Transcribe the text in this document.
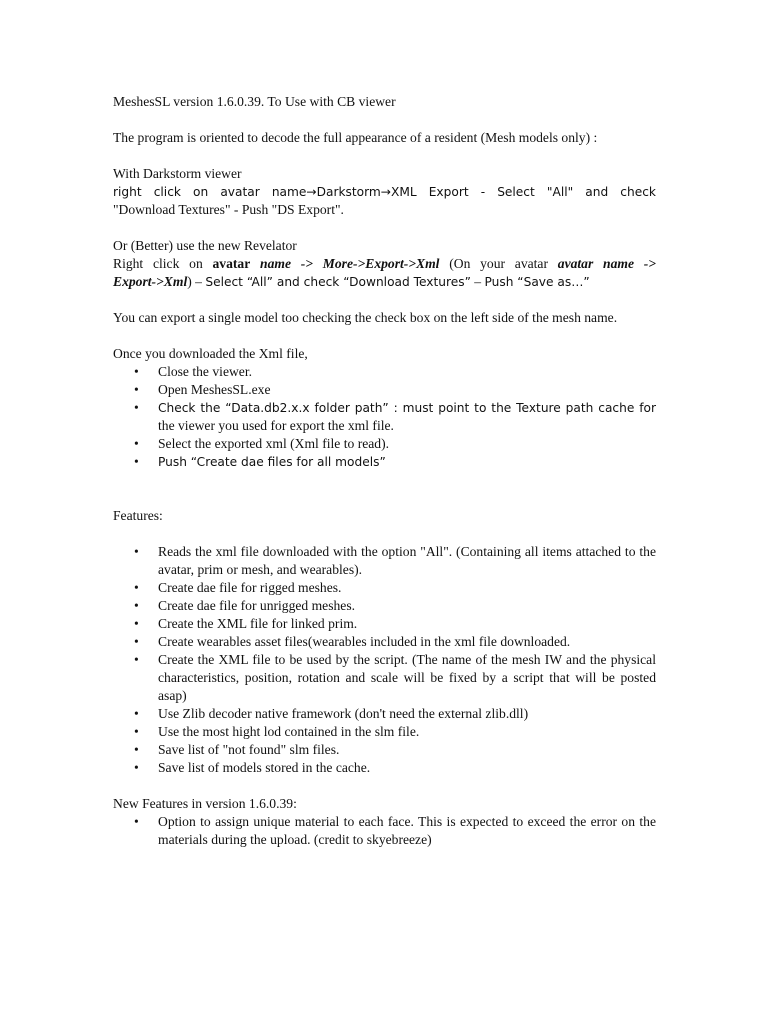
MeshesSL version 1.6.0.39. To Use with CB viewer

The program is oriented to decode the full appearance of a resident (Mesh models only) :

With Darkstorm viewer
right click on avatar name→Darkstorm→XML Export - Select "All" and check
"Download Textures" - Push "DS Export".
Or (Better) use the new Revelator
Right click on avatar name -> More->Export->Xml (On your avatar avatar name ->
Export->Xml) – Select “All” and check “Download Textures” – Push “Save as…”

You can export a single model too checking the check box on the left side of the mesh name.

Once you downloaded the Xml file,
• Close the viewer.
• Open MeshesSL.exe
• Check the “Data.db2.x.x folder path” : must point to the Texture path cache for
the viewer you used for export the xml file.
• Select the exported xml (Xml file to read).
• Push “Create dae files for all models”
Features:
• Reads the xml file downloaded with the option "All". (Containing all items attached to the avatar, prim or mesh, and wearables).
• Create dae file for rigged meshes.
• Create dae file for unrigged meshes.
• Create the XML file for linked prim.
• Create wearables asset files(wearables included in the xml file downloaded.
• Create the XML file to be used by the script. (The name of the mesh IW and the physical characteristics, position, rotation and scale will be fixed by a script that will be posted asap)
• Use Zlib decoder native framework (don't need the external zlib.dll)
• Use the most hight lod contained in the slm file.
• Save list of "not found" slm files.
• Save list of models stored in the cache.
New Features in version 1.6.0.39:
• Option to assign unique material to each face. This is expected to exceed the error on the materials during the upload. (credit to skyebreeze)
